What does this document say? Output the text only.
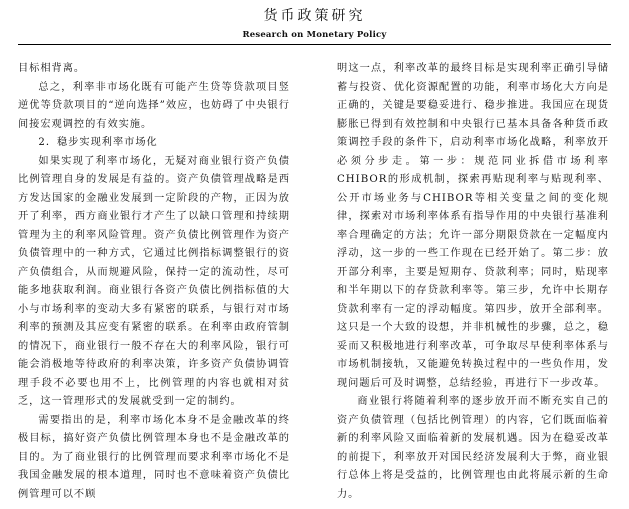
货币政策研究
Research on Monetary Policy

目标相背离。

总之，利率非市场化既有可能产生贷等贷款项目竖逆优等贷款项目的“逆向选择”效应，也妨碍了中央银行间接宏观调控的有效实施。

2．稳步实现利率市场化

如果实现了利率市场化，无疑对商业银行资产负债比例管理自身的发展是有益的。资产负债管理战略是西方发达国家的金融业发展到一定阶段的产物，正因为放开了利率，西方商业银行才产生了以缺口管理和持续期管理为主的利率风险管理。资产负债比例管理作为资产负债管理中的一种方式，它通过比例指标调整银行的资产负债组合，从而规避风险，保持一定的流动性，尽可能多地获取利润。商业银行各资产负债比例指标值的大小与市场利率的变动大多有紧密的联系，与银行对市场利率的预测及其应变有紧密的联系。在利率由政府管制的情况下，商业银行一般不存在大的利率风险，银行可能会消极地等待政府的利率决策，许多资产负债协调管理手段不必要也用不上，比例管理的内容也就相对贫乏，这一管理形式的发展就受到一定的制约。

需要指出的是，利率市场化本身不是金融改革的终极目标，搞好资产负债比例管理本身也不是金融改革的目的。为了商业银行的比例管理而要求利率市场化不是我国金融发展的根本道理，同时也不意味着资产负债比例管理可以不顾

明这一点，利率改革的最终目标是实现利率正确引导储蓄与投资、优化资源配置的功能，利率市场化大方向是正确的，关键是要稳妥进行、稳步推进。我国应在现货膨胀已得到有效控制和中央银行已基本具备各种货币政策调控手段的条件下，启动利率市场化战略，利率放开必须分步走。第一步：规范同业拆借市场利率CHIBOR的形成机制，探索再贴现利率与贴现利率、公开市场业务与CHIBOR等相关变量之间的变化规律，探索对市场利率体系有指导作用的中央银行基准利率合理确定的方法；允许一部分期限贷款在一定幅度内浮动，这一步的一些工作现在已经开始了。第二步：放开部分利率，主要是短期存、贷款利率；同时，贴现率和半年期以下的存贷款利率等。第三步，允许中长期存贷款利率有一定的浮动幅度。第四步，放开全部利率。这只是一个大致的设想，并非机械性的步骤，总之，稳妥而又积极地进行利率改革，可争取尽早使利率体系与市场机制接轨，又能避免转换过程中的一些负作用，发现问题后可及时调整，总结经验，再进行下一步改革。

商业银行将随着利率的逐步放开而不断充实自己的资产负债管理（包括比例管理）的内容，它们既面临着新的利率风险又面临着新的发展机遇。因为在稳妥改革的前提下，利率放开对国民经济发展利大于弊，商业银行总体上将是受益的，比例管理也由此将展示新的生命力。
